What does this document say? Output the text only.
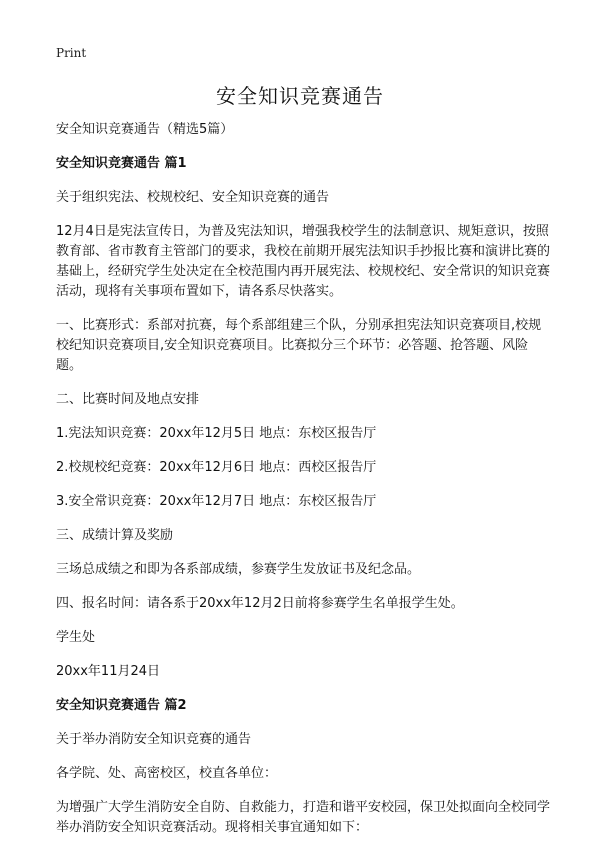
Print
安全知识竞赛通告

安全知识竞赛通告（精选5篇）

安全知识竞赛通告 篇1

关于组织宪法、校规校纪、安全知识竞赛的通告

12月4日是宪法宣传日，为普及宪法知识，增强我校学生的法制意识、规矩意识，按照教育部、省市教育主管部门的要求，我校在前期开展宪法知识手抄报比赛和演讲比赛的基础上，经研究学生处决定在全校范围内再开展宪法、校规校纪、安全常识的知识竞赛活动，现将有关事项布置如下，请各系尽快落实。

一、比赛形式：系部对抗赛，每个系部组建三个队，分别承担宪法知识竞赛项目,校规校纪知识竞赛项目,安全知识竞赛项目。比赛拟分三个环节：必答题、抢答题、风险题。

二、比赛时间及地点安排

1.宪法知识竞赛：20xx年12月5日 地点：东校区报告厅

2.校规校纪竞赛：20xx年12月6日 地点：西校区报告厅

3.安全常识竞赛：20xx年12月7日 地点：东校区报告厅

三、成绩计算及奖励

三场总成绩之和即为各系部成绩，参赛学生发放证书及纪念品。

四、报名时间：请各系于20xx年12月2日前将参赛学生名单报学生处。

学生处

20xx年11月24日

安全知识竞赛通告 篇2

关于举办消防安全知识竞赛的通告

各学院、处、高密校区，校直各单位：

为增强广大学生消防安全自防、自救能力，打造和谐平安校园，保卫处拟面向全校同学举办消防安全知识竞赛活动。现将相关事宜通知如下：
